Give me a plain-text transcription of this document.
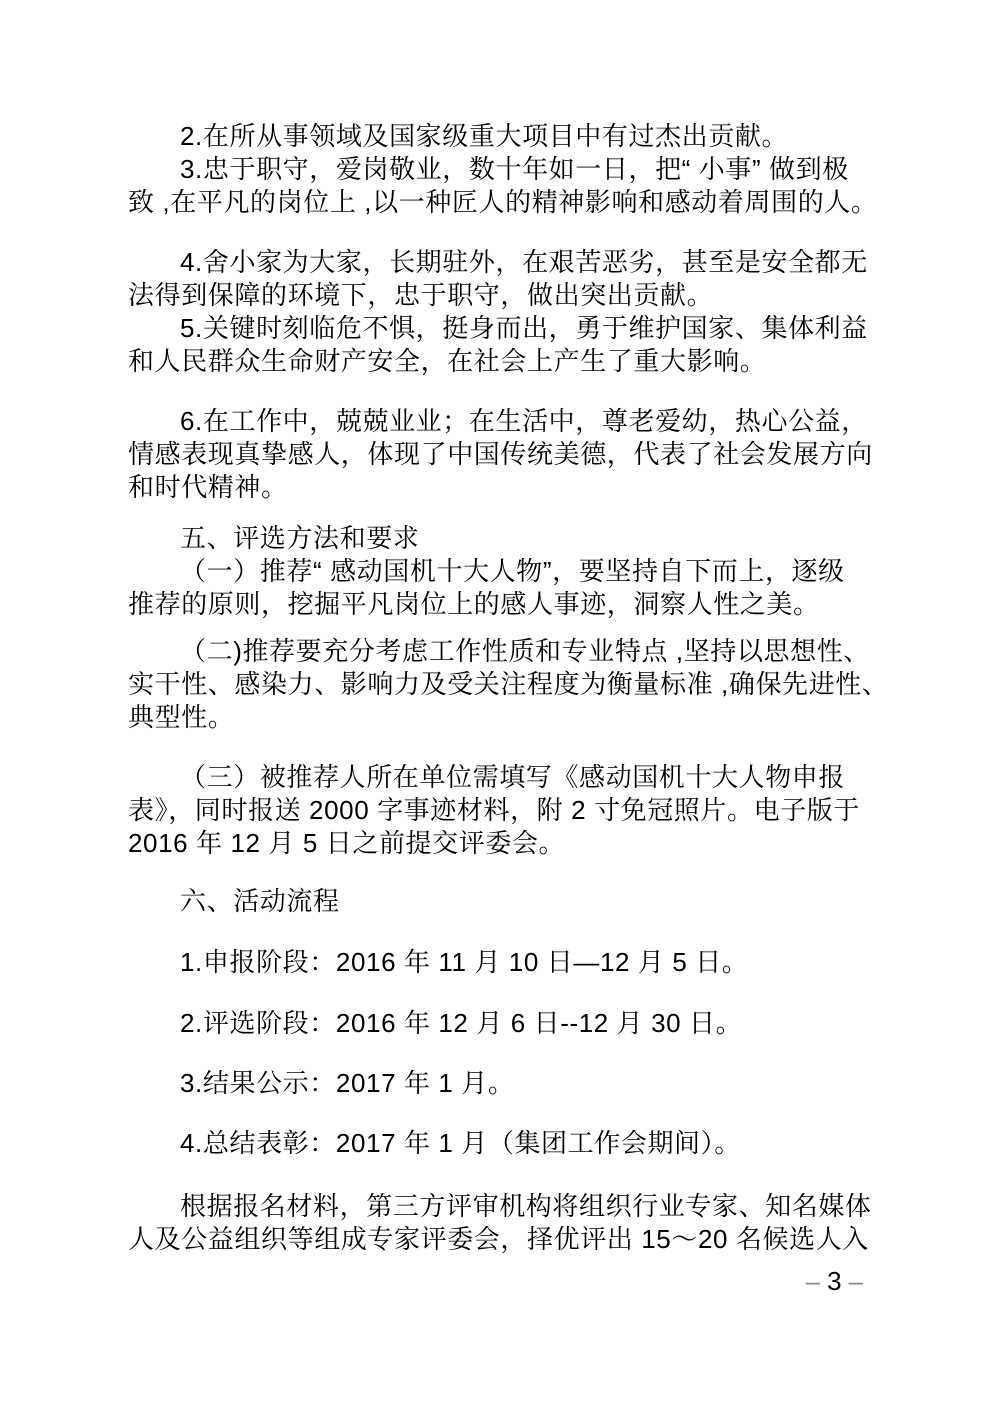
2.在所从事领域及国家级重大项目中有过杰出贡献。
3.忠于职守，爱岗敬业，数十年如一日，把“ 小事” 做到极
致 ,在平凡的岗位上 ,以一种匠人的精神影响和感动着周围的人。
4.舍小家为大家，长期驻外，在艰苦恶劣，甚至是安全都无
法得到保障的环境下，忠于职守，做出突出贡献。
5.关键时刻临危不惧，挺身而出，勇于维护国家、集体利益
和人民群众生命财产安全，在社会上产生了重大影响。
6.在工作中，兢兢业业；在生活中，尊老爱幼，热心公益，
情感表现真挚感人，体现了中国传统美德，代表了社会发展方向
和时代精神。
五、评选方法和要求
（一）推荐“ 感动国机十大人物”，要坚持自下而上，逐级
推荐的原则，挖掘平凡岗位上的感人事迹，洞察人性之美。
（二)推荐要充分考虑工作性质和专业特点 ,坚持以思想性、
实干性、感染力、影响力及受关注程度为衡量标准 ,确保先进性、
典型性。
（三）被推荐人所在单位需填写《感动国机十大人物申报
表》，同时报送 2000 字事迹材料，附 2 寸免冠照片。电子版于
2016 年 12 月 5 日之前提交评委会。
六、活动流程
1.申报阶段：2016 年 11 月 10 日—12 月 5 日。
2.评选阶段：2016 年 12 月 6 日--12 月 30 日。
3.结果公示：2017 年 1 月。
4.总结表彰：2017 年 1 月（集团工作会期间）。
根据报名材料，第三方评审机构将组织行业专家、知名媒体
人及公益组织等组成专家评委会，择优评出 15～20 名候选人入
– 3 –
